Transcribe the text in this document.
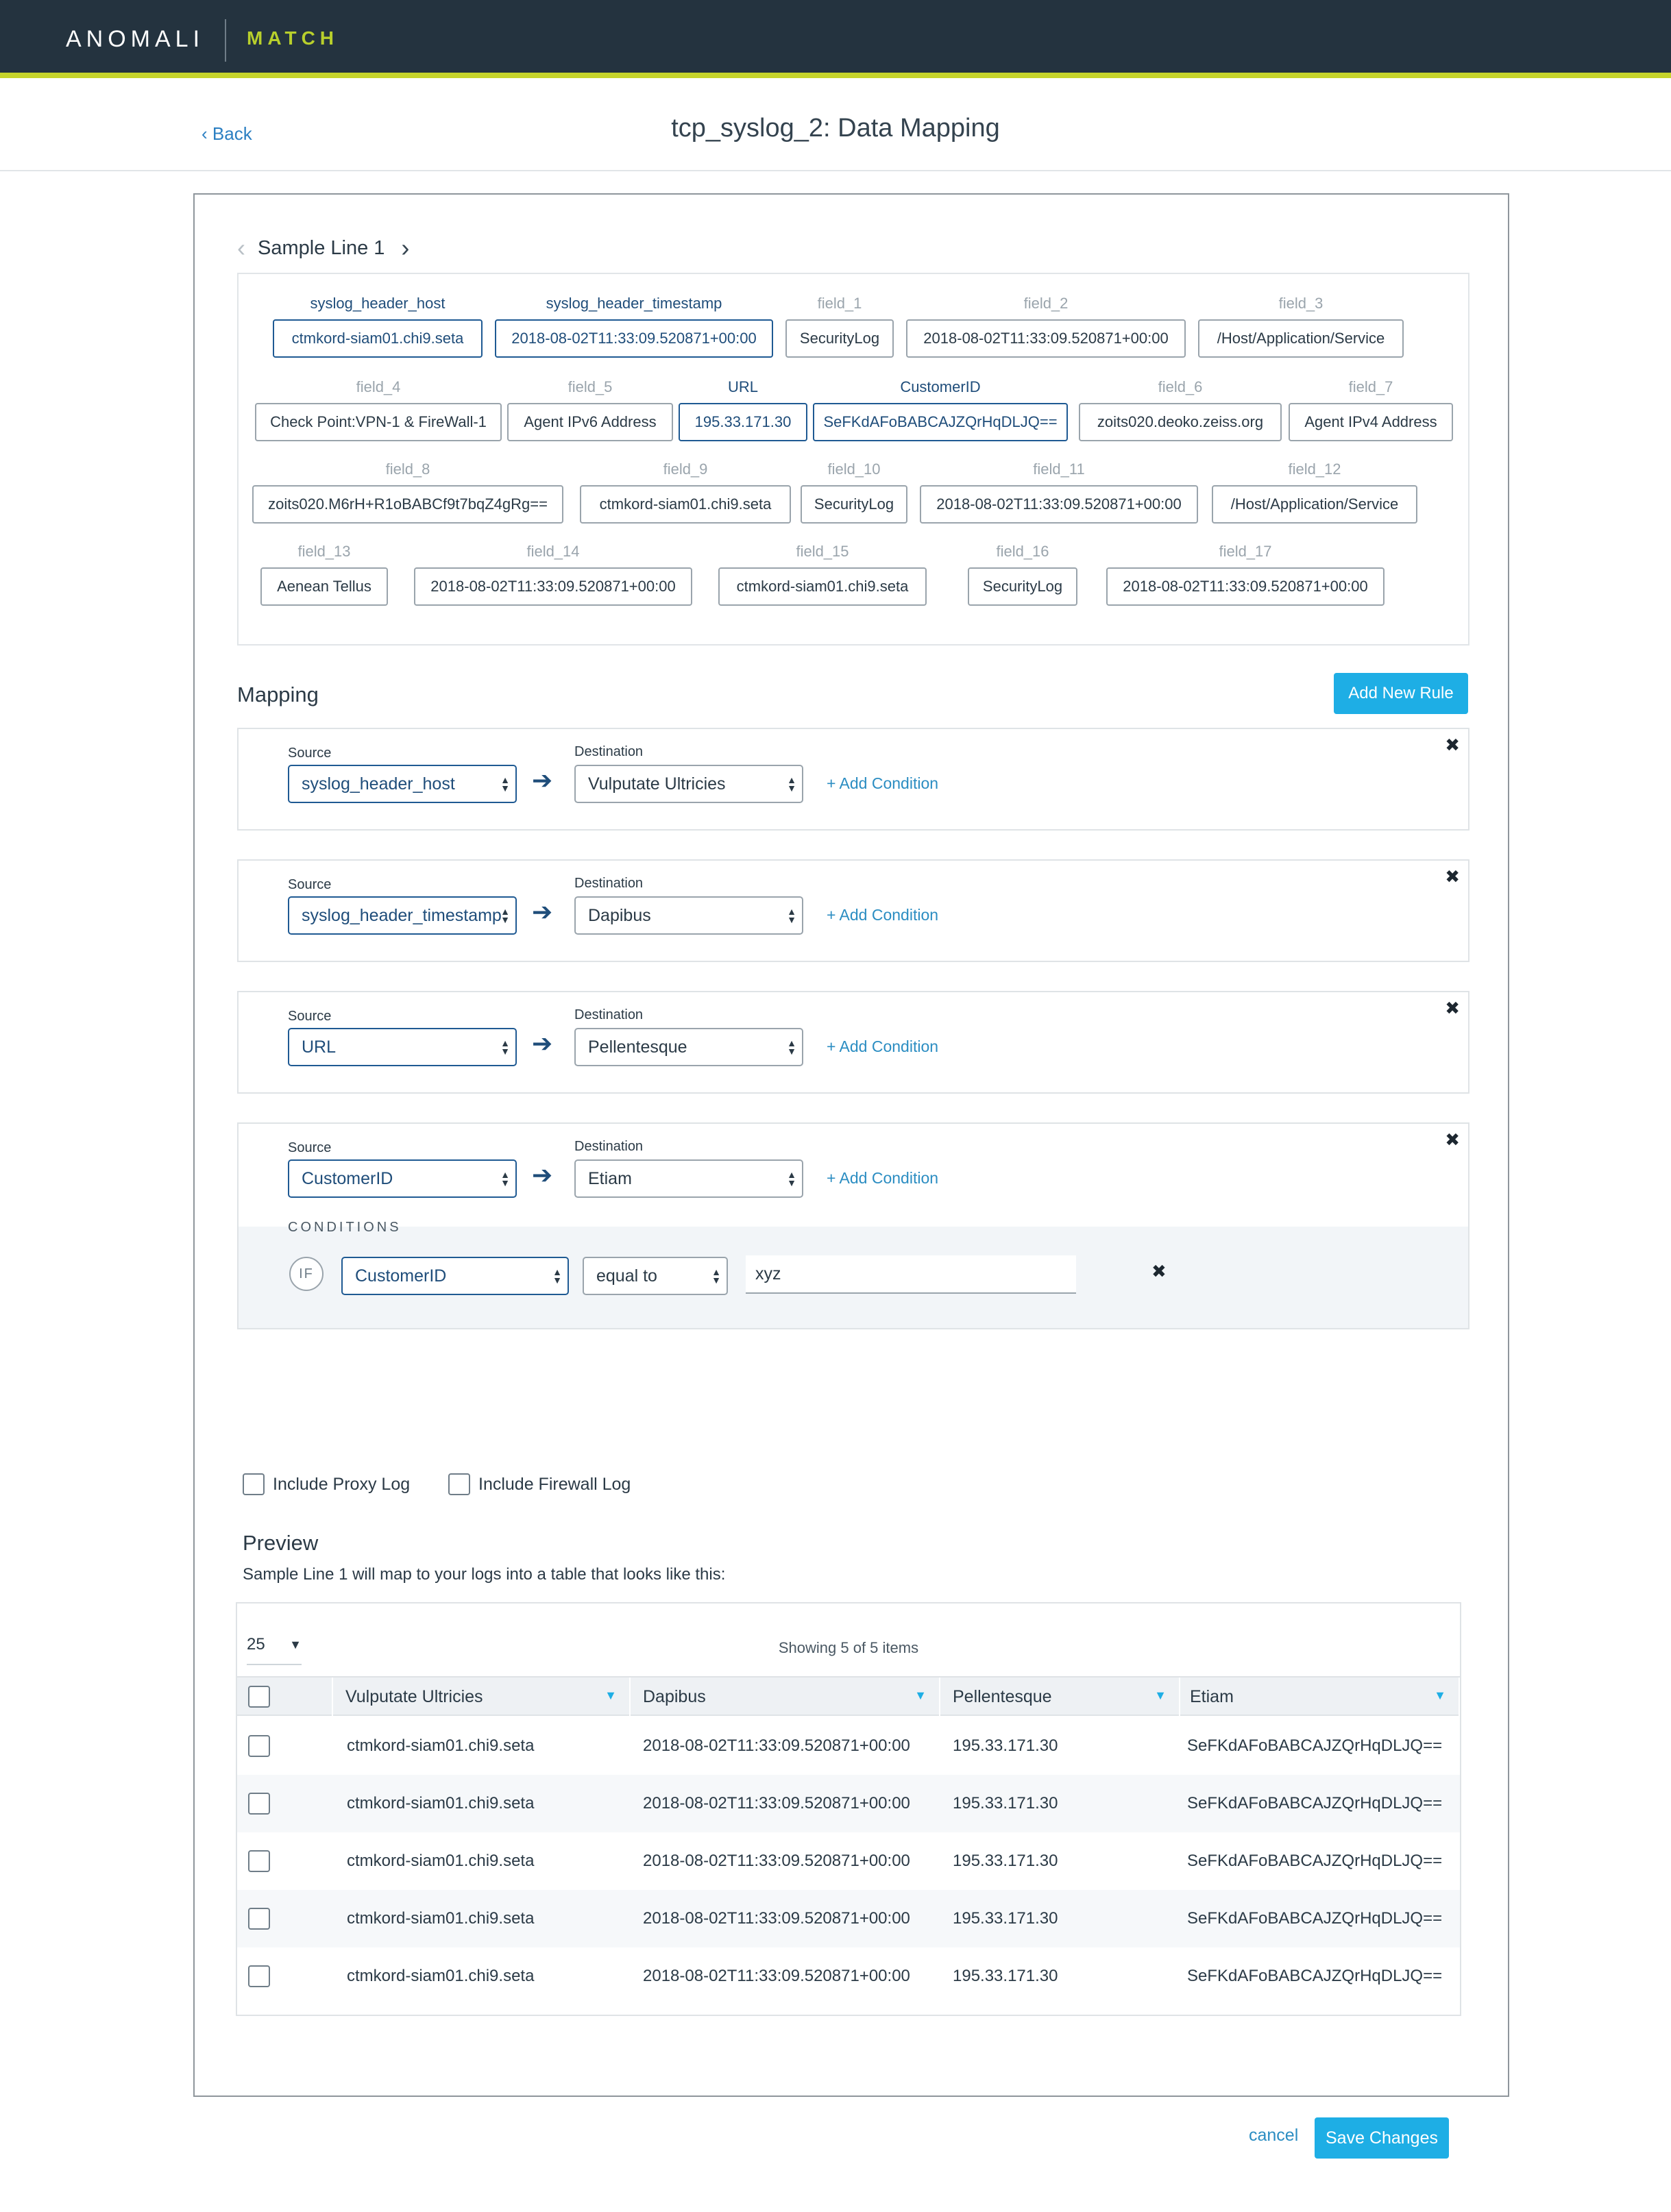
ANOMALI MATCH
‹ Back	tcp_syslog_2: Data Mapping
‹ Sample Line 1 ›
syslog_header_host
ctmkord-siam01.chi9.seta
syslog_header_timestamp
2018-08-02T11:33:09.520871+00:00
field_1
SecurityLog
field_2
2018-08-02T11:33:09.520871+00:00
field_3
/Host/Application/Service
field_4
Check Point:VPN-1 & FireWall-1
field_5
Agent IPv6 Address
URL
195.33.171.30
CustomerID
SeFKdAFoBABCAJZQrHqDLJQ==
field_6
zoits020.deoko.zeiss.org
field_7
Agent IPv4 Address
field_8
zoits020.M6rH+R1oBABCf9t7bqZ4gRg==
field_9
ctmkord-siam01.chi9.seta
field_10
SecurityLog
field_11
2018-08-02T11:33:09.520871+00:00
field_12
/Host/Application/Service
field_13
Aenean Tellus
field_14
2018-08-02T11:33:09.520871+00:00
field_15
ctmkord-siam01.chi9.seta
field_16
SecurityLog
field_17
2018-08-02T11:33:09.520871+00:00
Mapping	Add New Rule
Source	Destination
syslog_header_host	▲
▼ ➔ Vulputate Ultricies	▲
▼ + Add Condition
✖
Source	Destination
syslog_header_timestamp
▲
▼ ➔ Dapibus	▲
▼ + Add Condition
✖
Source	Destination
URL	▲
▼ ➔ Pellentesque	▲
▼ + Add Condition
✖
Source	Destination
CustomerID	▲
▼ ➔ Etiam	▲
▼ + Add Condition
✖
CONDITIONS
IF	CustomerID	▲
▼ equal to	▲
▼	xyz	✖
Include Proxy Log	Include Firewall Log
Preview
Sample Line 1 will map to your logs into a table that looks like this:
25 ▼	Showing 5 of 5 items
Vulputate Ultricies	▼ Dapibus	▼ Pellentesque	▼ Etiam	▼
ctmkord-siam01.chi9.seta	2018-08-02T11:33:09.520871+00:00	195.33.171.30	SeFKdAFoBABCAJZQrHqDLJQ==
ctmkord-siam01.chi9.seta	2018-08-02T11:33:09.520871+00:00	195.33.171.30	SeFKdAFoBABCAJZQrHqDLJQ==
ctmkord-siam01.chi9.seta	2018-08-02T11:33:09.520871+00:00	195.33.171.30	SeFKdAFoBABCAJZQrHqDLJQ==
ctmkord-siam01.chi9.seta	2018-08-02T11:33:09.520871+00:00	195.33.171.30	SeFKdAFoBABCAJZQrHqDLJQ==
ctmkord-siam01.chi9.seta	2018-08-02T11:33:09.520871+00:00	195.33.171.30	SeFKdAFoBABCAJZQrHqDLJQ==
cancel	Save Changes
